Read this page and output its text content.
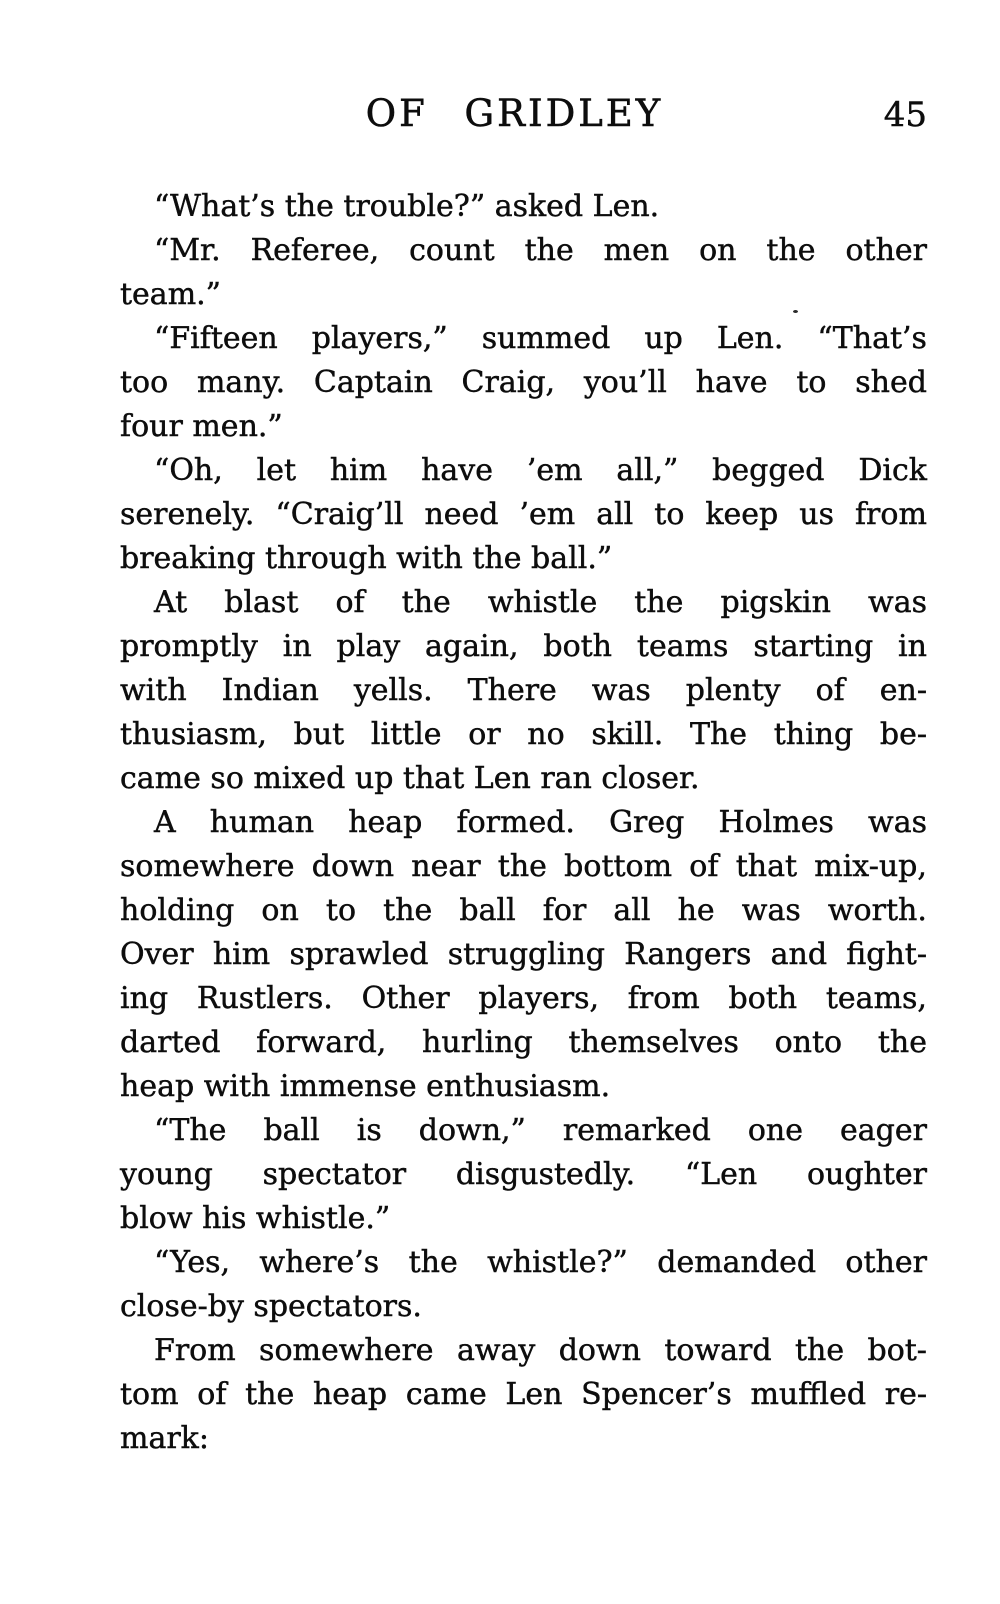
OF GRIDLEY	45
“What’s the trouble?” asked Len.
“Mr. Referee, count the men on the other
team.”
“Fifteen players,” summed up Len. “That’s
too many. Captain Craig, you’ll have to shed
four men.”
“Oh, let him have ’em all,” begged Dick
serenely. “Craig’ll need ’em all to keep us from
breaking through with the ball.”
At blast of the whistle the pigskin was
promptly in play again, both teams starting in
with Indian yells. There was plenty of en-
thusiasm, but little or no skill. The thing be-
came so mixed up that Len ran closer.
A human heap formed. Greg Holmes was
somewhere down near the bottom of that mix-up,
holding on to the ball for all he was worth.
Over him sprawled struggling Rangers and fight-
ing Rustlers. Other players, from both teams,
darted forward, hurling themselves onto the
heap with immense enthusiasm.
“The ball is down,” remarked one eager
young spectator disgustedly. “Len oughter
blow his whistle.”
“Yes, where’s the whistle?” demanded other
close-by spectators.
From somewhere away down toward the bot-
tom of the heap came Len Spencer’s muffled re-
mark:
